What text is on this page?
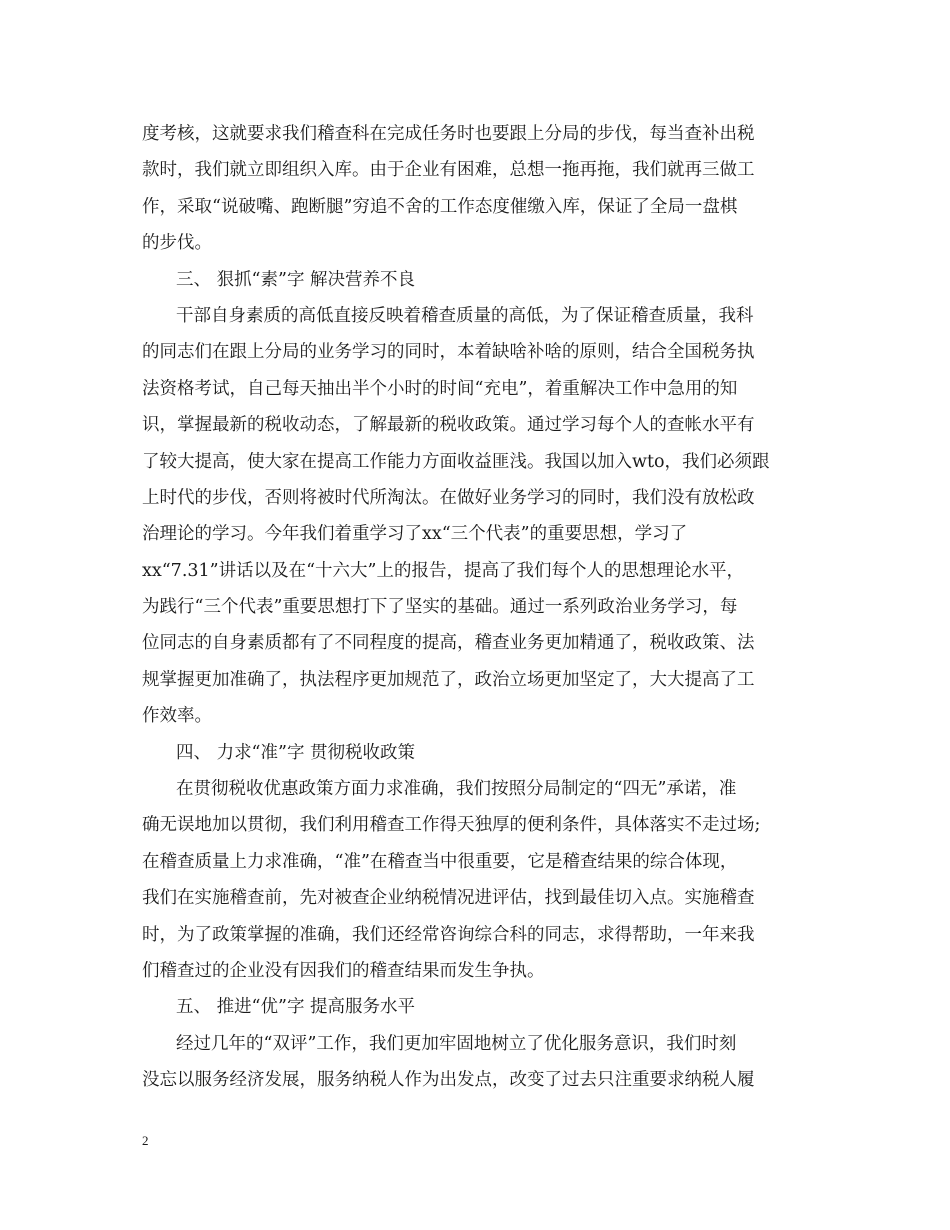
度考核，这就要求我们稽查科在完成任务时也要跟上分局的步伐，每当查补出税
款时，我们就立即组织入库。由于企业有困难，总想一拖再拖，我们就再三做工
作，采取“说破嘴、跑断腿”穷追不舍的工作态度催缴入库，保证了全局一盘棋
的步伐。
三、 狠抓“素”字 解决营养不良
干部自身素质的高低直接反映着稽查质量的高低，为了保证稽查质量，我科
的同志们在跟上分局的业务学习的同时，本着缺啥补啥的原则，结合全国税务执
法资格考试，自己每天抽出半个小时的时间“充电”，着重解决工作中急用的知
识，掌握最新的税收动态，了解最新的税收政策。通过学习每个人的查帐水平有
了较大提高，使大家在提高工作能力方面收益匪浅。我国以加入wto，我们必须跟
上时代的步伐，否则将被时代所淘汰。在做好业务学习的同时，我们没有放松政
治理论的学习。今年我们着重学习了xx“三个代表”的重要思想，学习了
xx“7.31”讲话以及在“十六大”上的报告，提高了我们每个人的思想理论水平，
为践行“三个代表”重要思想打下了坚实的基础。通过一系列政治业务学习，每
位同志的自身素质都有了不同程度的提高，稽查业务更加精通了，税收政策、法
规掌握更加准确了，执法程序更加规范了，政治立场更加坚定了，大大提高了工
作效率。
四、 力求“准”字 贯彻税收政策
在贯彻税收优惠政策方面力求准确，我们按照分局制定的“四无”承诺，准
确无误地加以贯彻，我们利用稽查工作得天独厚的便利条件，具体落实不走过场;
在稽查质量上力求准确，“准”在稽查当中很重要，它是稽查结果的综合体现，
我们在实施稽查前，先对被查企业纳税情况进评估，找到最佳切入点。实施稽查
时，为了政策掌握的准确，我们还经常咨询综合科的同志，求得帮助，一年来我
们稽查过的企业没有因我们的稽查结果而发生争执。
五、 推进“优”字 提高服务水平
经过几年的“双评”工作，我们更加牢固地树立了优化服务意识，我们时刻
没忘以服务经济发展，服务纳税人作为出发点，改变了过去只注重要求纳税人履
2
